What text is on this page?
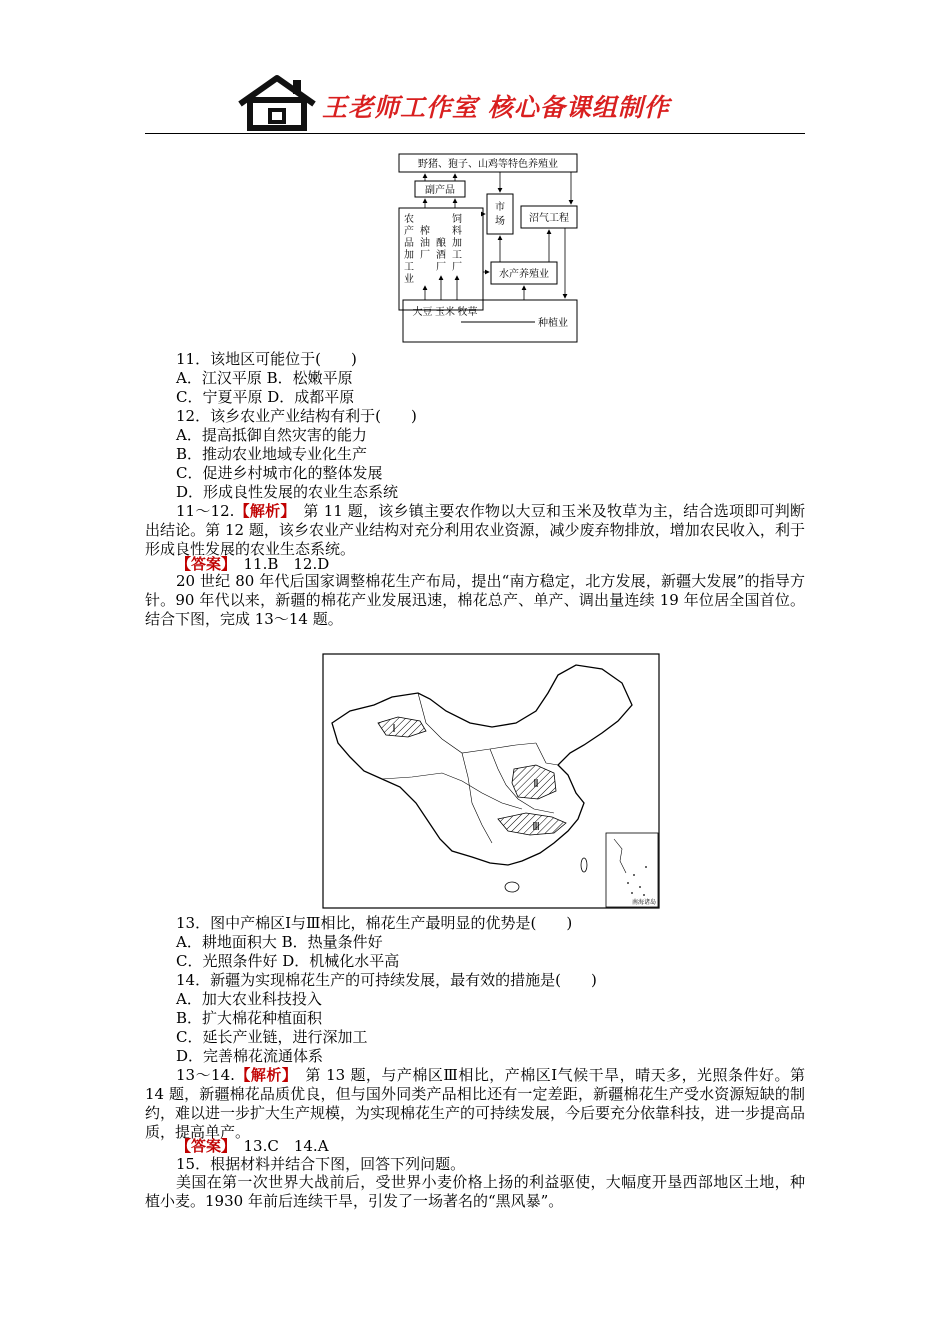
王老师工作室 核心备课组制作
野猪、狍子、山鸡等特色养殖业
副产品
市
场 沼气工程
水产养殖业
大豆 玉米 牧草
种植业
农
产
品
加
工
业
榨
油
厂
酿
酒
厂
饲
料
加
工
厂
11．该地区可能位于(　　)
A．江汉平原 B．松嫩平原
C．宁夏平原 D．成都平原
12．该乡农业产业结构有利于(　　)
A．提高抵御自然灾害的能力
B．推动农业地域专业化生产
C．促进乡村城市化的整体发展
D．形成良性发展的农业生态系统
11～12.【解析】　第 11 题，该乡镇主要农作物以大豆和玉米及牧草为主，结合选项即可判断出结论。第 12 题，该乡农业产业结构对充分利用农业资源，减少废弃物排放，增加农民收入，利于形成良性发展的农业生态系统。
【答案】　11.B　12.D
20 世纪 80 年代后国家调整棉花生产布局，提出“南方稳定，北方发展，新疆大发展”的指导方针。90 年代以来，新疆的棉花产业发展迅速，棉花总产、单产、调出量连续 19 年位居全国首位。结合下图，完成 13～14 题。
Ⅰ
Ⅱ
Ⅲ
南海诸岛
13．图中产棉区Ⅰ与Ⅲ相比，棉花生产最明显的优势是(　　)
A．耕地面积大 B．热量条件好
C．光照条件好 D．机械化水平高
14．新疆为实现棉花生产的可持续发展，最有效的措施是(　　)
A．加大农业科技投入
B．扩大棉花种植面积
C．延长产业链，进行深加工
D．完善棉花流通体系
13～14.【解析】　第 13 题，与产棉区Ⅲ相比，产棉区Ⅰ气候干旱，晴天多，光照条件好。第 14 题，新疆棉花品质优良，但与国外同类产品相比还有一定差距，新疆棉花生产受水资源短缺的制约，难以进一步扩大生产规模，为实现棉花生产的可持续发展，今后要充分依靠科技，进一步提高品质，提高单产。
【答案】　13.C　14.A
15．根据材料并结合下图，回答下列问题。
美国在第一次世界大战前后，受世界小麦价格上扬的利益驱使，大幅度开垦西部地区土地，种植小麦。1930 年前后连续干旱，引发了一场著名的“黑风暴”。
